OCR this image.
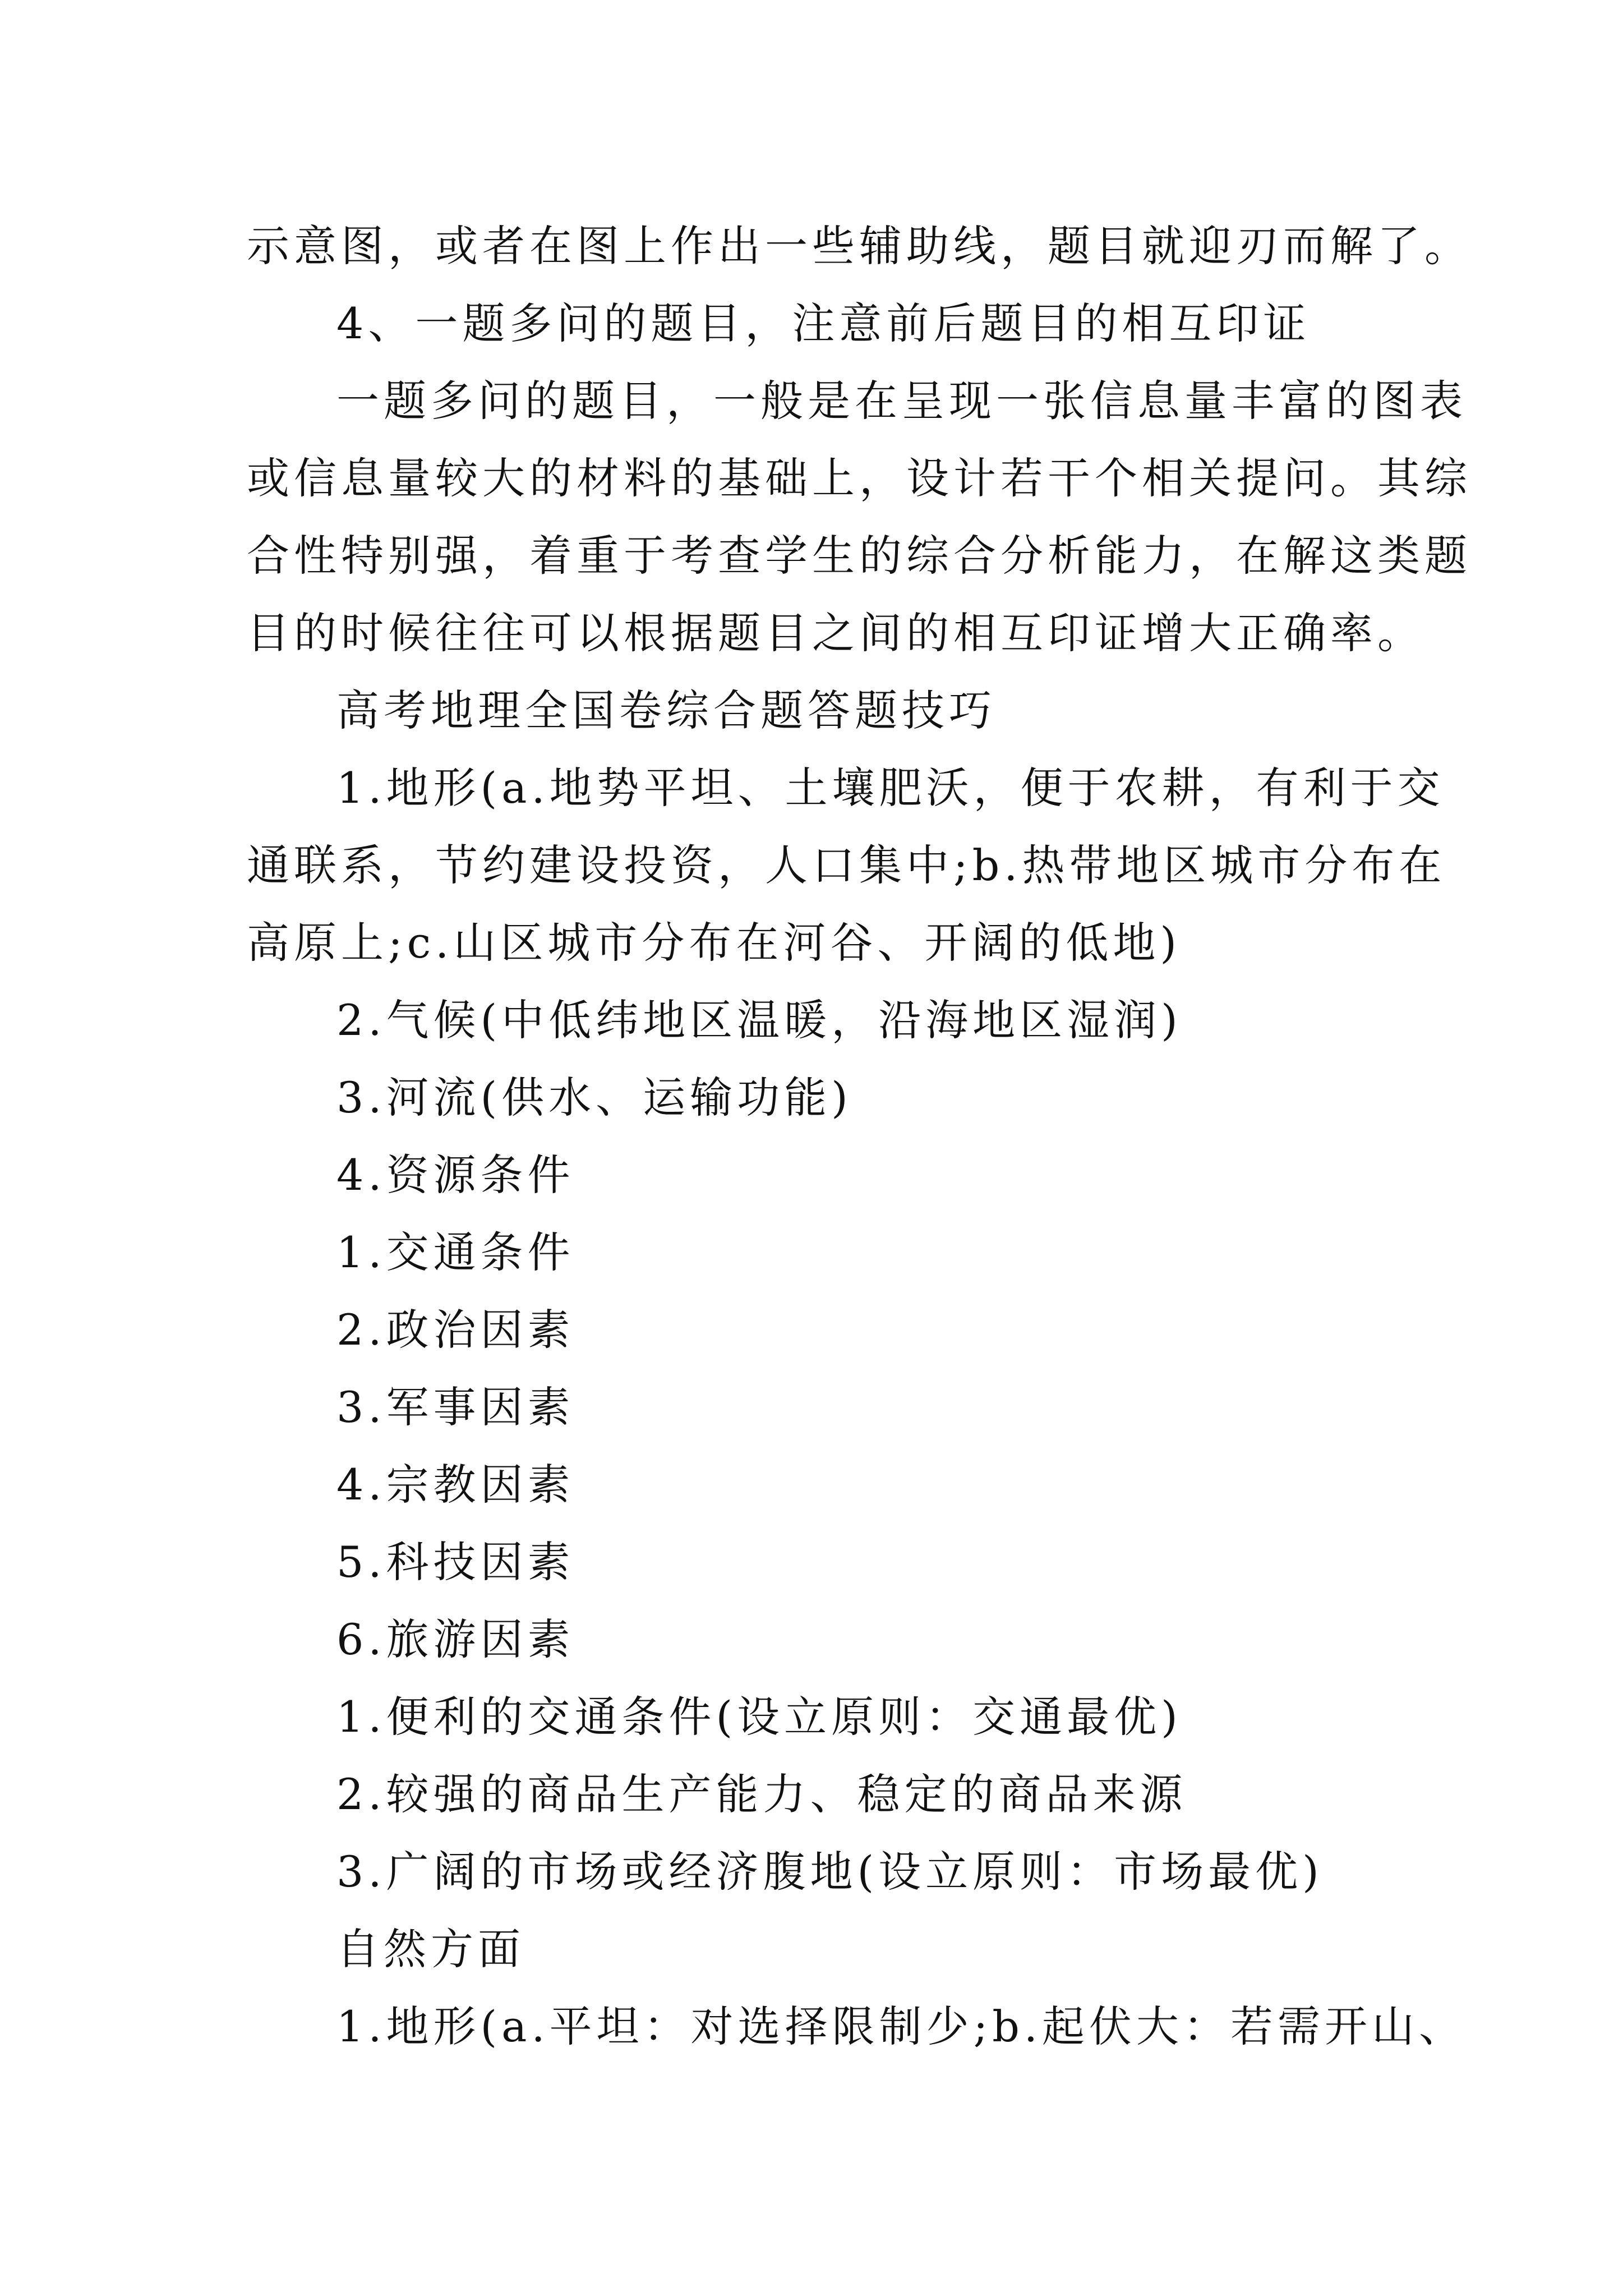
示意图，或者在图上作出一些辅助线，题目就迎刃而解了。
4、一题多问的题目，注意前后题目的相互印证
一题多问的题目，一般是在呈现一张信息量丰富的图表
或信息量较大的材料的基础上，设计若干个相关提问。其综
合性特别强，着重于考查学生的综合分析能力，在解这类题
目的时候往往可以根据题目之间的相互印证增大正确率。
高考地理全国卷综合题答题技巧
1.地形(a.地势平坦、土壤肥沃，便于农耕，有利于交
通联系，节约建设投资，人口集中;b.热带地区城市分布在
高原上;c.山区城市分布在河谷、开阔的低地)
2.气候(中低纬地区温暖，沿海地区湿润)
3.河流(供水、运输功能)
4.资源条件
1.交通条件
2.政治因素
3.军事因素
4.宗教因素
5.科技因素
6.旅游因素
1.便利的交通条件(设立原则：交通最优)
2.较强的商品生产能力、稳定的商品来源
3.广阔的市场或经济腹地(设立原则：市场最优)
自然方面
1.地形(a.平坦：对选择限制少;b.起伏大：若需开山、
